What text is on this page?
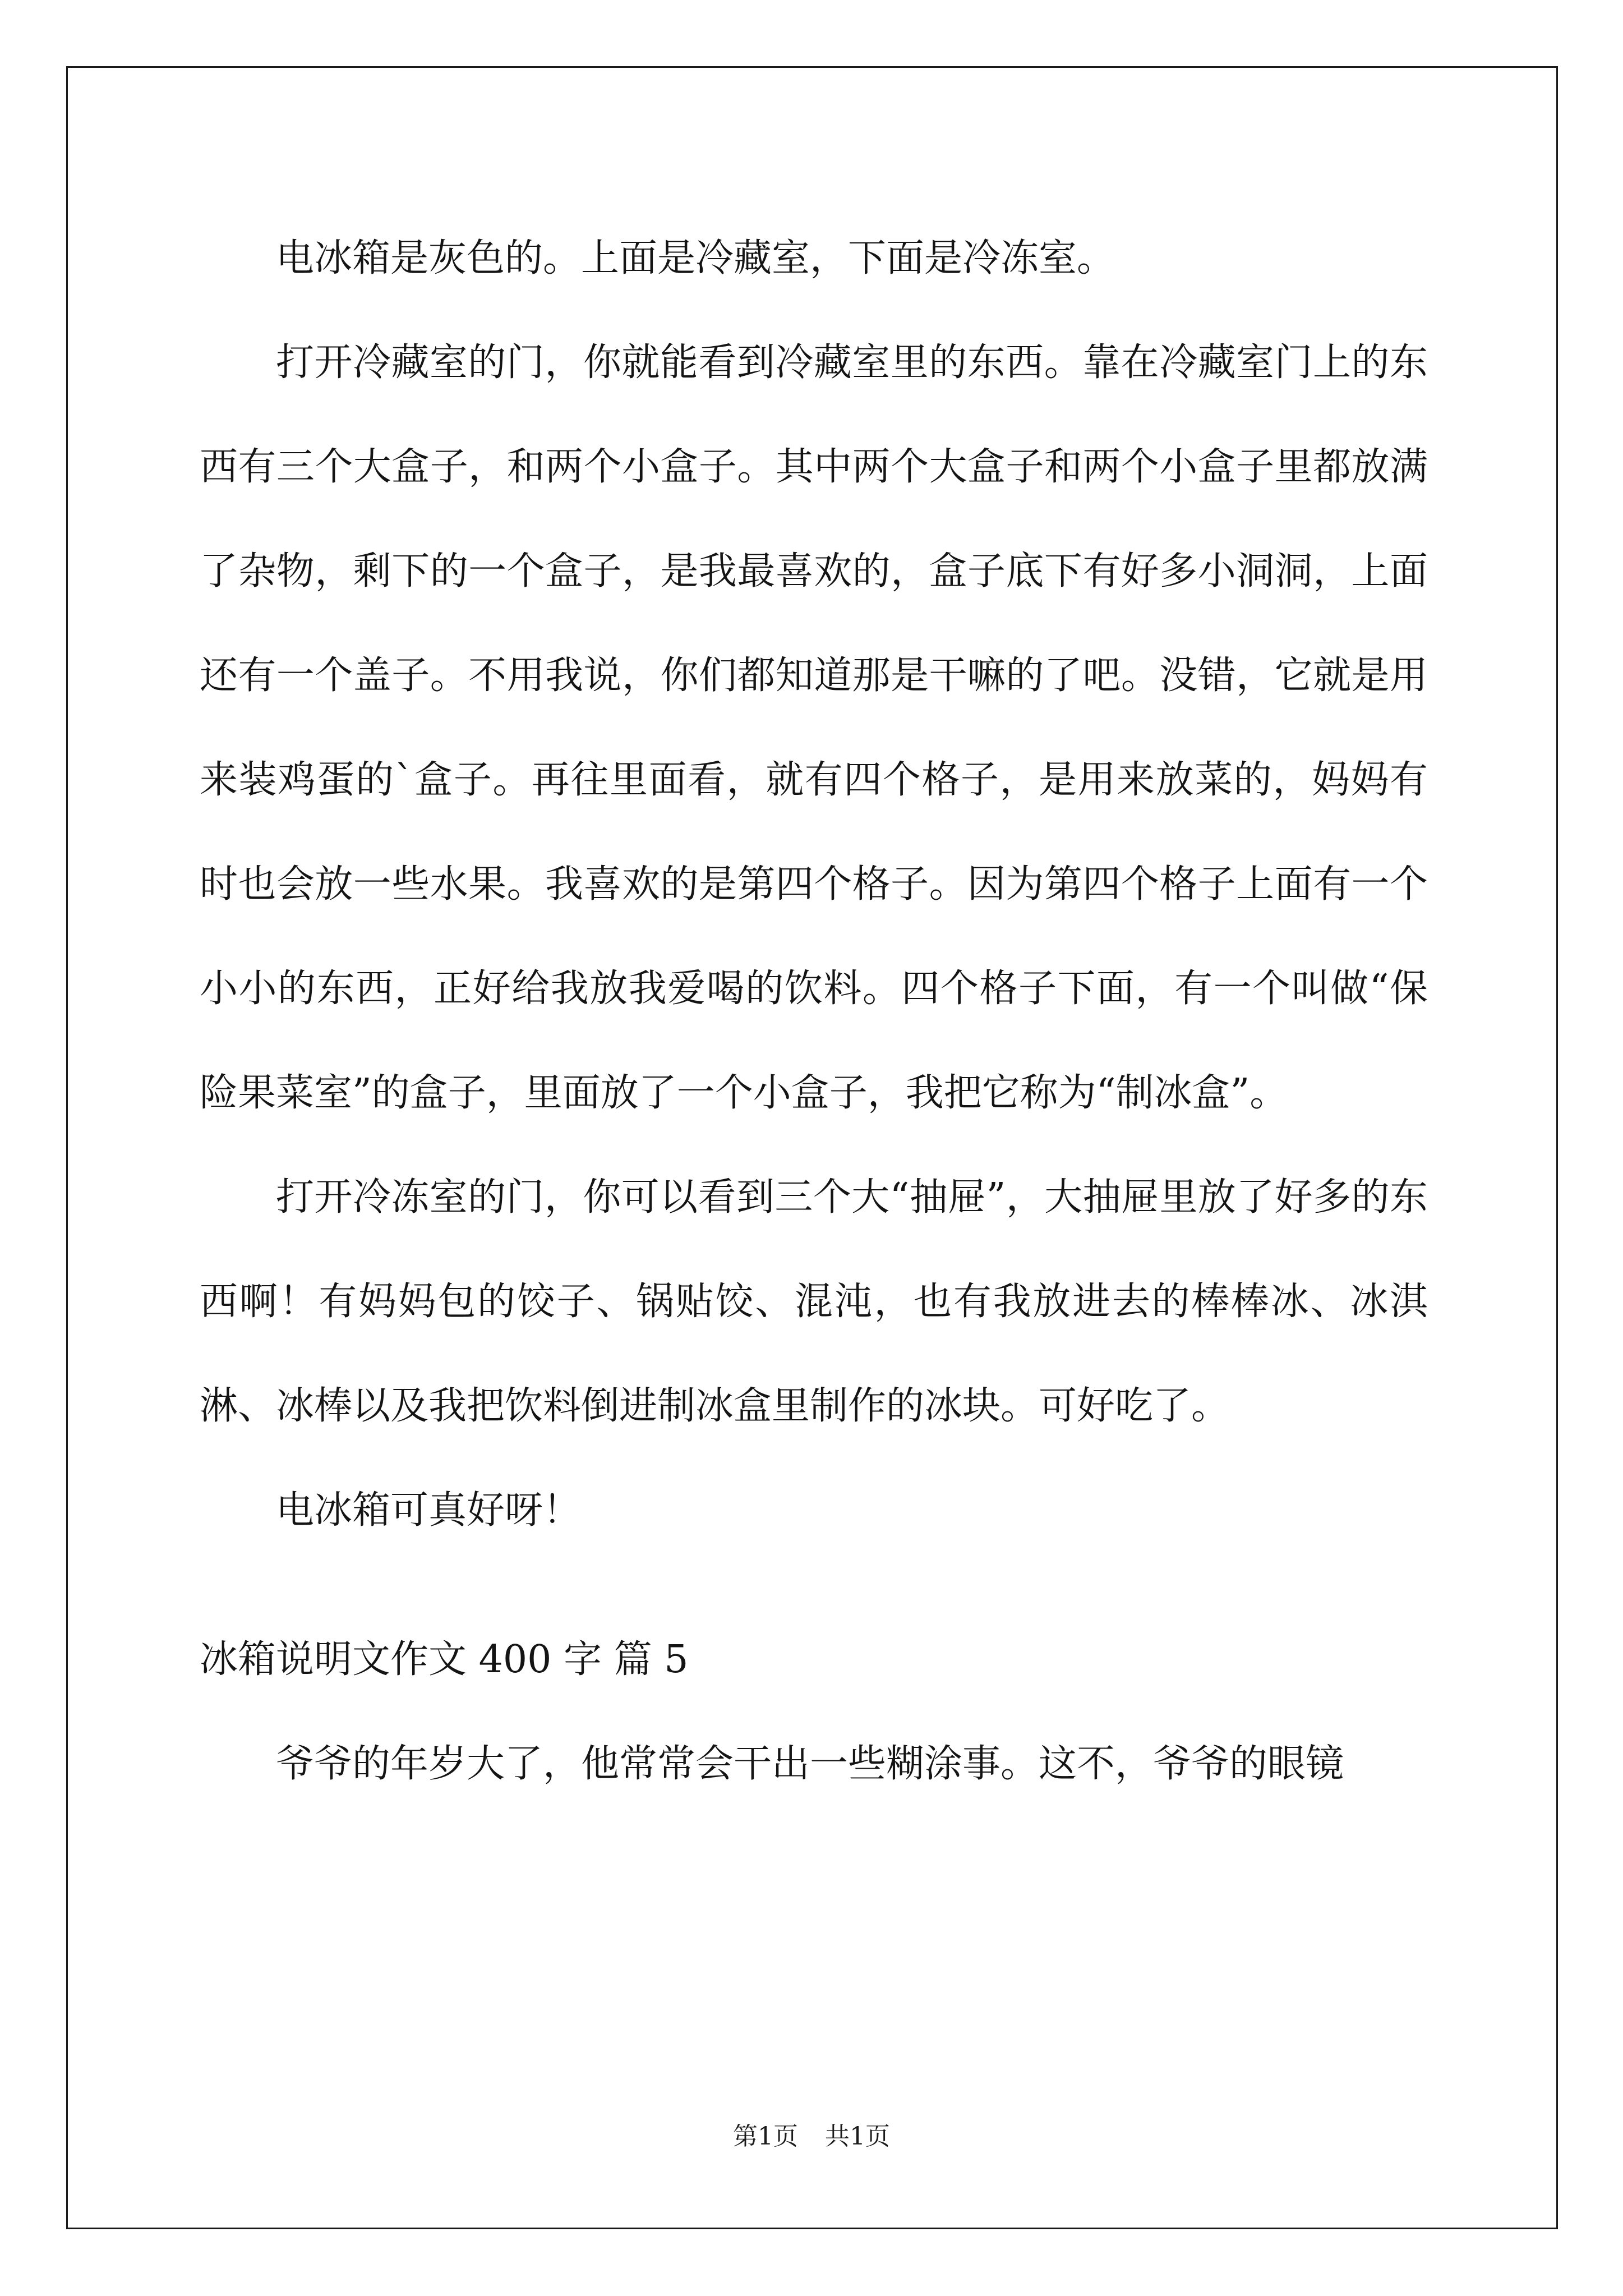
电冰箱是灰色的。上面是冷藏室，下面是冷冻室。

打开冷藏室的门，你就能看到冷藏室里的东西。靠在冷藏室门上的东西有三个大盒子，和两个小盒子。其中两个大盒子和两个小盒子里都放满了杂物，剩下的一个盒子，是我最喜欢的，盒子底下有好多小洞洞，上面还有一个盖子。不用我说，你们都知道那是干嘛的了吧。没错，它就是用来装鸡蛋的`盒子。再往里面看，就有四个格子，是用来放菜的，妈妈有时也会放一些水果。我喜欢的是第四个格子。因为第四个格子上面有一个小小的东西，正好给我放我爱喝的饮料。四个格子下面，有一个叫做“保险果菜室”的盒子，里面放了一个小盒子，我把它称为“制冰盒”。

打开冷冻室的门，你可以看到三个大“抽屉”，大抽屉里放了好多的东西啊！有妈妈包的饺子、锅贴饺、混沌，也有我放进去的棒棒冰、冰淇淋、冰棒以及我把饮料倒进制冰盒里制作的冰块。可好吃了。

电冰箱可真好呀！

冰箱说明文作文 400 字 篇 5

爷爷的年岁大了，他常常会干出一些糊涂事。这不，爷爷的眼镜

第1页 共1页
